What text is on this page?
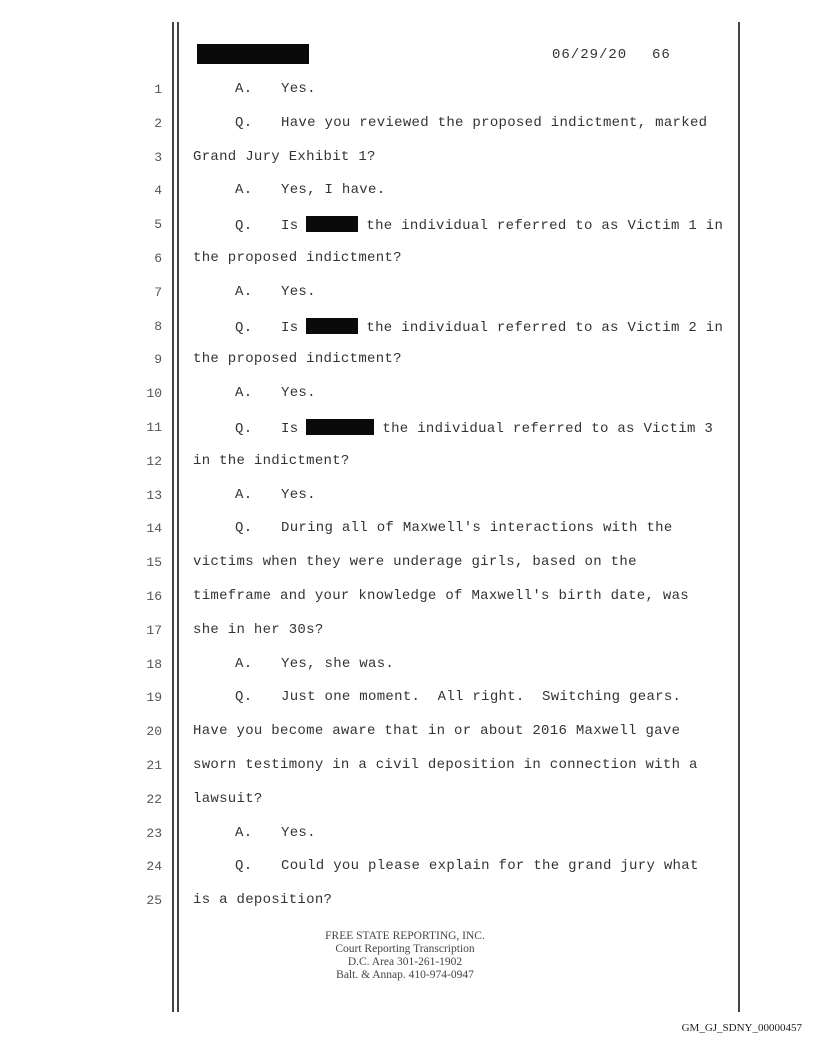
06/29/20 66
1	A. Yes.
2	Q. Have you reviewed the proposed indictment, marked
3 Grand Jury Exhibit 1?
4	A. Yes, I have.
5	Q. Is	the individual referred to as Victim 1 in
6 the proposed indictment?
7	A. Yes.
8	Q. Is	the individual referred to as Victim 2 in
9 the proposed indictment?
10	A. Yes.
11	Q. Is	the individual referred to as Victim 3
12 in the indictment?
13	A. Yes.
14	Q. During all of Maxwell's interactions with the
15 victims when they were underage girls, based on the
16 timeframe and your knowledge of Maxwell's birth date, was
17 she in her 30s?
18	A. Yes, she was.
19	Q. Just one moment.  All right.  Switching gears.
20 Have you become aware that in or about 2016 Maxwell gave
21 sworn testimony in a civil deposition in connection with a
22 lawsuit?
23	A. Yes.
24	Q. Could you please explain for the grand jury what
25 is a deposition?
FREE STATE REPORTING, INC.
Court Reporting Transcription
D.C. Area 301-261-1902
Balt. & Annap. 410-974-0947
GM_GJ_SDNY_00000457
